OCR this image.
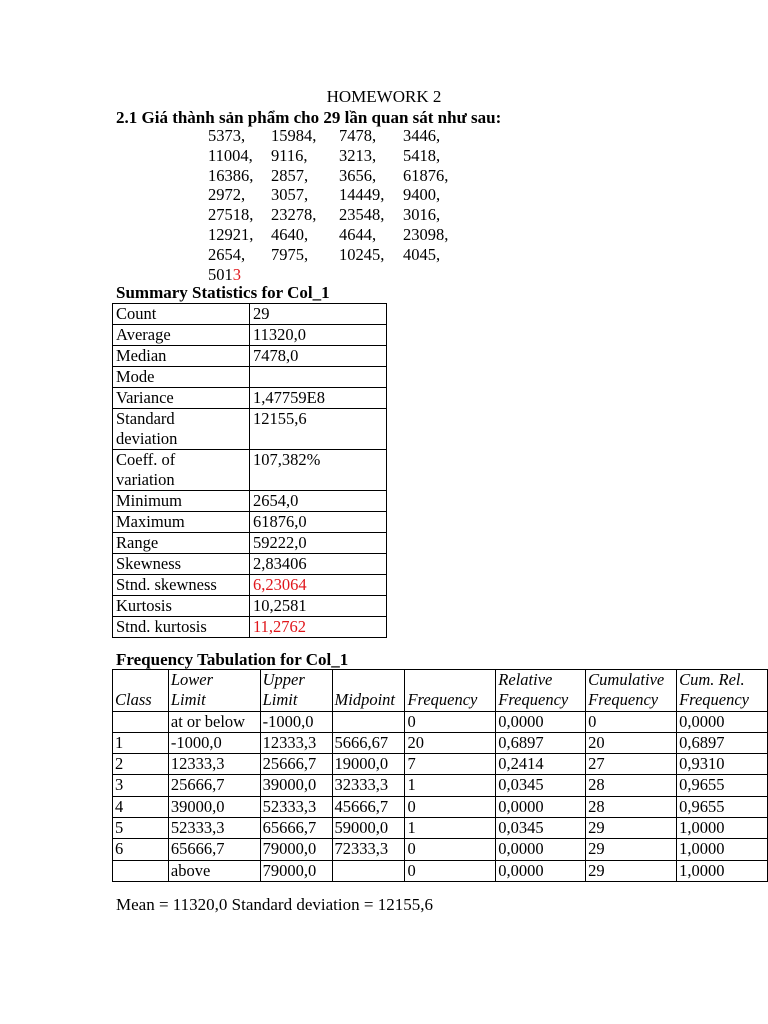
HOMEWORK 2
2.1 Giá thành sản phẩm cho 29 lần quan sát như sau:
5373, 15984, 7478, 3446,
11004, 9116, 3213, 5418,
16386, 2857, 3656, 61876,
2972, 3057, 14449, 9400,
27518, 23278, 23548, 3016,
12921, 4640, 4644, 23098,
2654, 7975, 10245, 4045,
5013
Summary Statistics for Col_1
Count	29
Average	11320,0
Median	7478,0
Mode	
Variance	1,47759E8
Standard
deviation	12155,6
Coeff. of
variation	107,382%
Minimum	2654,0
Maximum	61876,0
Range	59222,0
Skewness	2,83406
Stnd. skewness	6,23064
Kurtosis	10,2581
Stnd. kurtosis	11,2762
Frequency Tabulation for Col_1
	Lower	Upper			Relative	Cumulative	Cum. Rel.
Class	Limit	Limit	Midpoint	Frequency	Frequency	Frequency	Frequency
	at or below	-1000,0		0	0,0000	0	0,0000
1	-1000,0	12333,3	5666,67	20	0,6897	20	0,6897
2	12333,3	25666,7	19000,0	7	0,2414	27	0,9310
3	25666,7	39000,0	32333,3	1	0,0345	28	0,9655
4	39000,0	52333,3	45666,7	0	0,0000	28	0,9655
5	52333,3	65666,7	59000,0	1	0,0345	29	1,0000
6	65666,7	79000,0	72333,3	0	0,0000	29	1,0000
	above	79000,0		0	0,0000	29	1,0000
Mean = 11320,0 Standard deviation = 12155,6
